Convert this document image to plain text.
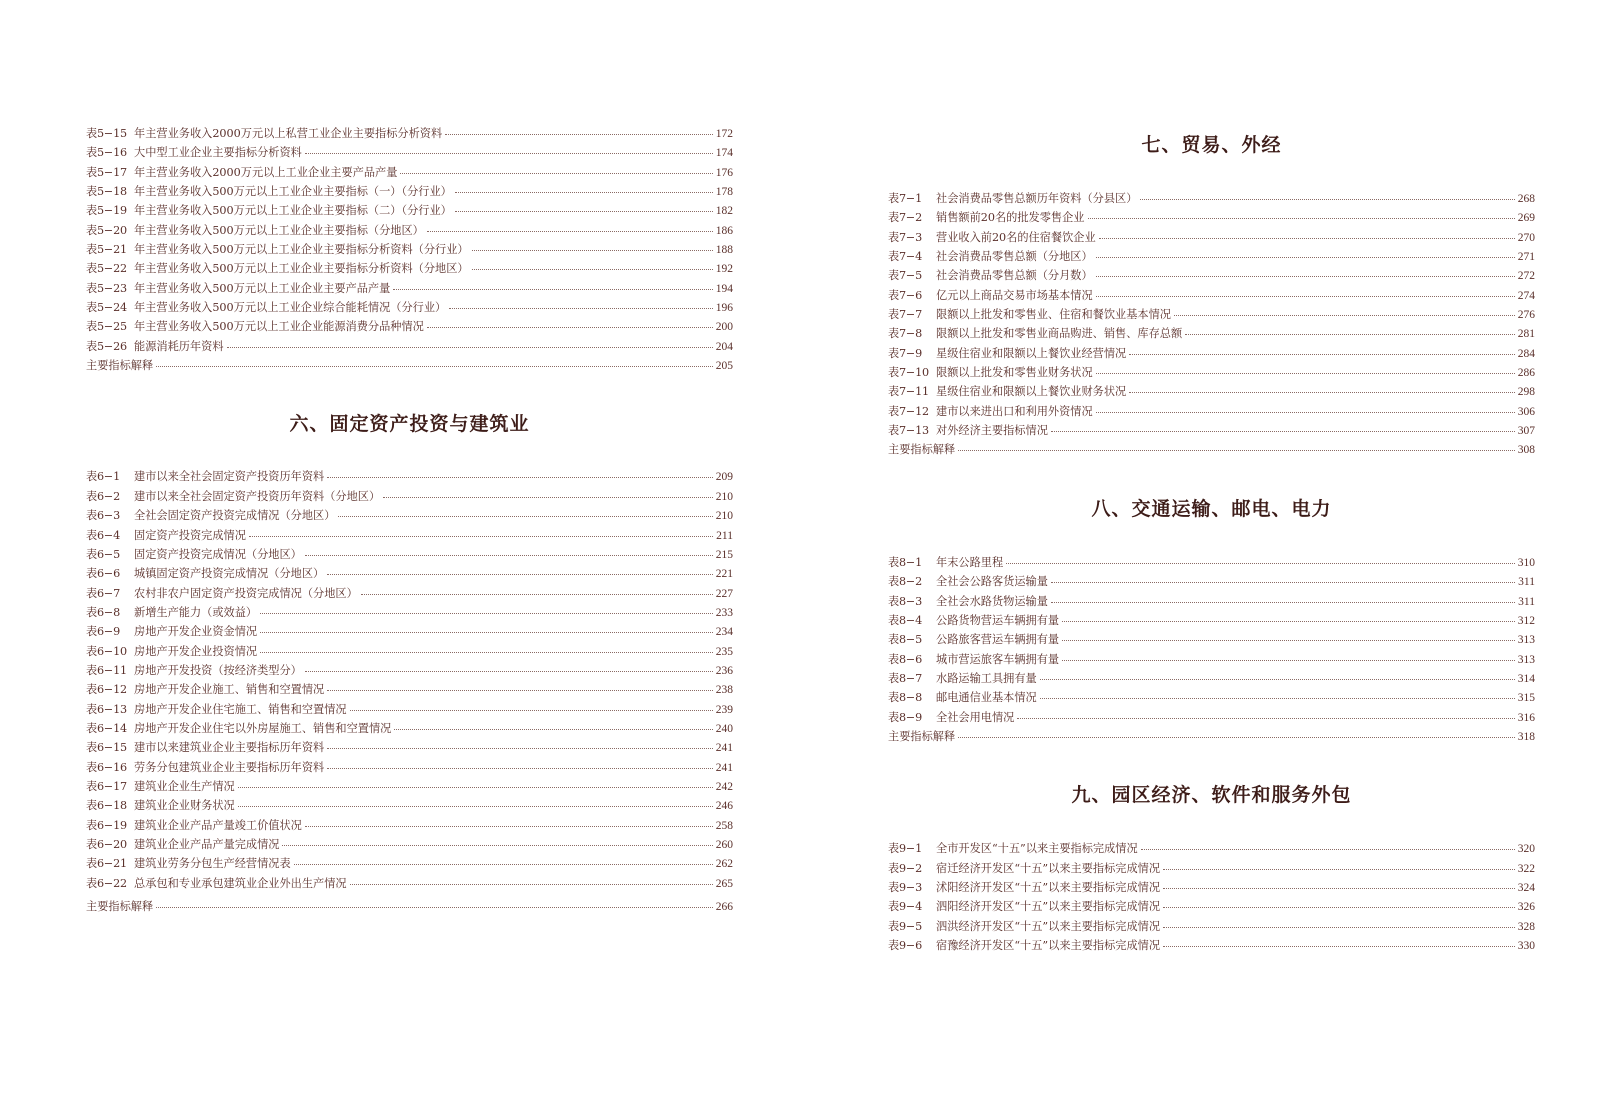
表5−15 年主营业务收入2000万元以上私营工业企业主要指标分析资料	172
表5−16 大中型工业企业主要指标分析资料	174
表5−17 年主营业务收入2000万元以上工业企业主要产品产量	176
表5−18 年主营业务收入500万元以上工业企业主要指标（一）（分行业）	178
表5−19 年主营业务收入500万元以上工业企业主要指标（二）（分行业）	182
表5−20 年主营业务收入500万元以上工业企业主要指标（分地区）	186
表5−21 年主营业务收入500万元以上工业企业主要指标分析资料（分行业）	188
表5−22 年主营业务收入500万元以上工业企业主要指标分析资料（分地区）	192
表5−23 年主营业务收入500万元以上工业企业主要产品产量	194
表5−24 年主营业务收入500万元以上工业企业综合能耗情况（分行业）	196
表5−25 年主营业务收入500万元以上工业企业能源消费分品种情况	200
表5−26 能源消耗历年资料	204
主要指标解释	205
六、固定资产投资与建筑业
表6−1	建市以来全社会固定资产投资历年资料	209
表6−2	建市以来全社会固定资产投资历年资料（分地区）	210
表6−3	全社会固定资产投资完成情况（分地区）	210
表6−4	固定资产投资完成情况	211
表6−5	固定资产投资完成情况（分地区）	215
表6−6	城镇固定资产投资完成情况（分地区）	221
表6−7	农村非农户固定资产投资完成情况（分地区）	227
表6−8	新增生产能力（或效益）	233
表6−9	房地产开发企业资金情况	234
表6−10 房地产开发企业投资情况	235
表6−11 房地产开发投资（按经济类型分）	236
表6−12 房地产开发企业施工、销售和空置情况	238
表6−13 房地产开发企业住宅施工、销售和空置情况	239
表6−14 房地产开发企业住宅以外房屋施工、销售和空置情况	240
表6−15 建市以来建筑业企业主要指标历年资料	241
表6−16 劳务分包建筑业企业主要指标历年资料	241
表6−17 建筑业企业生产情况	242
表6−18 建筑业企业财务状况	246
表6−19 建筑业企业产品产量竣工价值状况	258
表6−20 建筑业企业产品产量完成情况	260
表6−21 建筑业劳务分包生产经营情况表	262
表6−22 总承包和专业承包建筑业企业外出生产情况	265
主要指标解释	266
七、贸易、外经
表7−1	社会消费品零售总额历年资料（分县区）	268
表7−2	销售额前20名的批发零售企业	269
表7−3	营业收入前20名的住宿餐饮企业	270
表7−4	社会消费品零售总额（分地区）	271
表7−5	社会消费品零售总额（分月数）	272
表7−6	亿元以上商品交易市场基本情况	274
表7−7	限额以上批发和零售业、住宿和餐饮业基本情况	276
表7−8	限额以上批发和零售业商品购进、销售、库存总额	281
表7−9	星级住宿业和限额以上餐饮业经营情况	284
表7−10 限额以上批发和零售业财务状况	286
表7−11 星级住宿业和限额以上餐饮业财务状况	298
表7−12 建市以来进出口和利用外资情况	306
表7−13 对外经济主要指标情况	307
主要指标解释	308
八、交通运输、邮电、电力
表8−1	年末公路里程	310
表8−2	全社会公路客货运输量	311
表8−3	全社会水路货物运输量	311
表8−4	公路货物营运车辆拥有量	312
表8−5	公路旅客营运车辆拥有量	313
表8−6	城市营运旅客车辆拥有量	313
表8−7	水路运输工具拥有量	314
表8−8	邮电通信业基本情况	315
表8−9	全社会用电情况	316
主要指标解释	318
九、园区经济、软件和服务外包
表9−1	全市开发区“十五”以来主要指标完成情况	320
表9−2	宿迁经济开发区“十五”以来主要指标完成情况	322
表9−3	沭阳经济开发区“十五”以来主要指标完成情况	324
表9−4	泗阳经济开发区“十五”以来主要指标完成情况	326
表9−5	泗洪经济开发区“十五”以来主要指标完成情况	328
表9−6	宿豫经济开发区“十五”以来主要指标完成情况	330
